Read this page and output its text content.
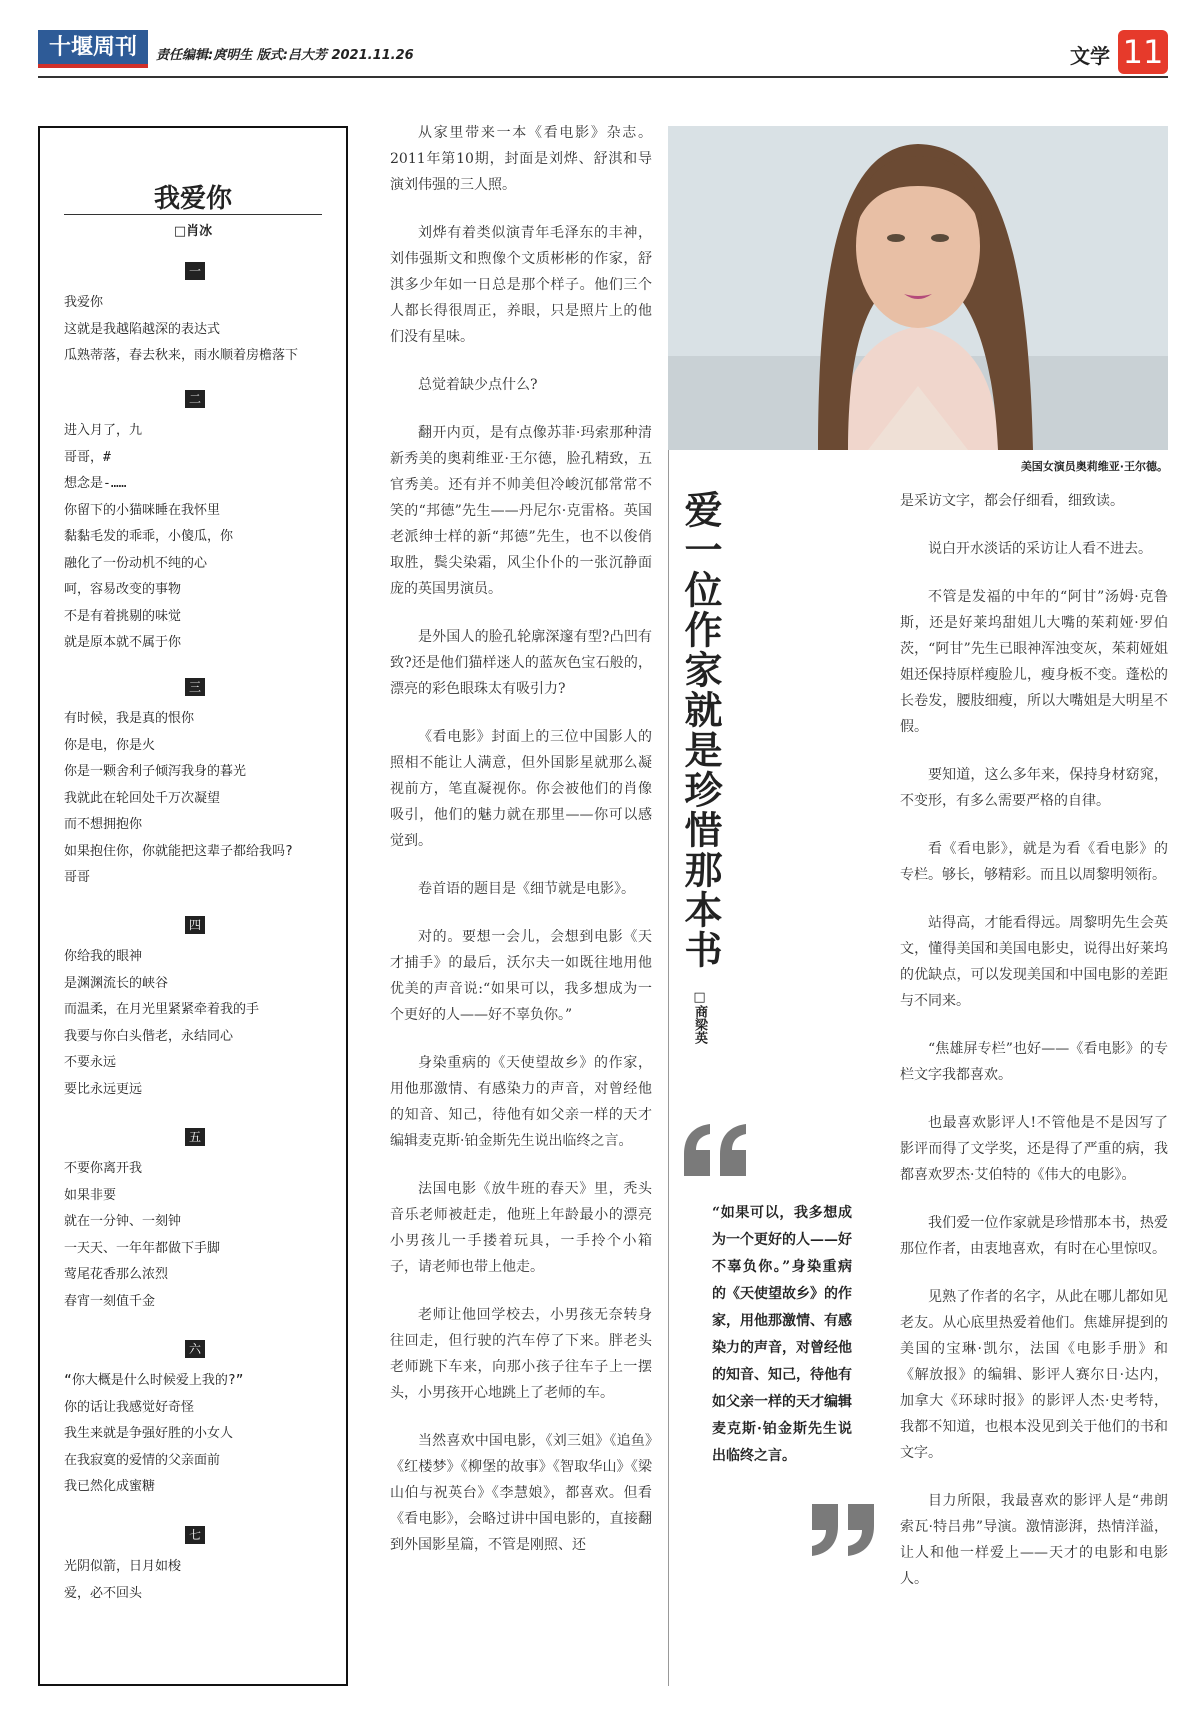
十堰周刊	责任编辑:庹明生 版式:吕大芳 2021.11.26	文学 11
我爱你
□肖冰
一
我爱你
这就是我越陷越深的表达式
瓜熟蒂落，春去秋来，雨水顺着房檐落下
二
进入月了，九
哥哥，#
想念是-……
你留下的小猫咪睡在我怀里
黏黏毛发的乖乖，小傻瓜，你
融化了一份动机不纯的心
呵，容易改变的事物
不是有着挑剔的味觉
就是原本就不属于你
三
有时候，我是真的恨你
你是电，你是火
你是一颗舍利子倾泻我身的暮光
我就此在轮回处千万次凝望
而不想拥抱你
如果抱住你，你就能把这辈子都给我吗?
哥哥
四
你给我的眼神
是渊渊流长的峡谷
而温柔，在月光里紧紧牵着我的手
我要与你白头偕老，永结同心
不要永远
要比永远更远
五
不要你离开我
如果非要
就在一分钟、一刻钟
一天天、一年年都做下手脚
莺尾花香那么浓烈
春宵一刻值千金
六
“你大概是什么时候爱上我的?”
你的话让我感觉好奇怪
我生来就是争强好胜的小女人
在我寂寞的爱情的父亲面前
我已然化成蜜糖
七
光阴似箭，日月如梭
爱，必不回头

从家里带来一本《看电影》杂志。2011年第10期，封面是刘烨、舒淇和导演刘伟强的三人照。

刘烨有着类似演青年毛泽东的丰神，刘伟强斯文和煦像个文质彬彬的作家，舒淇多少年如一日总是那个样子。他们三个人都长得很周正，养眼，只是照片上的他们没有星味。

总觉着缺少点什么?

翻开内页，是有点像苏菲·玛索那种清新秀美的奥莉维亚·王尔德，脸孔精致，五官秀美。还有并不帅美但冷峻沉郁常常不笑的“邦德”先生——丹尼尔·克雷格。英国老派绅士样的新“邦德”先生，也不以俊俏取胜，鬓尖染霜，风尘仆仆的一张沉静面庞的英国男演员。

是外国人的脸孔轮廓深邃有型?凸凹有致?还是他们猫样迷人的蓝灰色宝石般的，漂亮的彩色眼珠太有吸引力?

《看电影》封面上的三位中国影人的照相不能让人满意，但外国影星就那么凝视前方，笔直凝视你。你会被他们的肖像吸引，他们的魅力就在那里——你可以感觉到。

卷首语的题目是《细节就是电影》。

对的。要想一会儿，会想到电影《天才捕手》的最后，沃尔夫一如既往地用他优美的声音说:“如果可以，我多想成为一个更好的人——好不辜负你。”

身染重病的《天使望故乡》的作家，用他那激情、有感染力的声音，对曾经他的知音、知己，待他有如父亲一样的天才编辑麦克斯·铂金斯先生说出临终之言。

法国电影《放牛班的春天》里，秃头音乐老师被赶走，他班上年龄最小的漂亮小男孩儿一手搂着玩具，一手拎个小箱子，请老师也带上他走。

老师让他回学校去，小男孩无奈转身往回走，但行驶的汽车停了下来。胖老头老师跳下车来，向那小孩子往车子上一摆头，小男孩开心地跳上了老师的车。

当然喜欢中国电影，《刘三姐》《追鱼》《红楼梦》《柳堡的故事》《智取华山》《梁山伯与祝英台》《李慧娘》，都喜欢。但看《看电影》，会略过讲中国电影的，直接翻到外国影星篇，不管是刚照、还

美国女演员奥莉维亚·王尔德。
爱一位作家就是珍惜那本书
□商梁英
“如果可以，我多想成为一个更好的人——好不辜负你。”身染重病的《天使望故乡》的作家，用他那激情、有感染力的声音，对曾经他的知音、知己，待他有如父亲一样的天才编辑麦克斯·铂金斯先生说出临终之言。

是采访文字，都会仔细看，细致读。

说白开水淡话的采访让人看不进去。

不管是发福的中年的“阿甘”汤姆·克鲁斯，还是好莱坞甜姐儿大嘴的茱莉娅·罗伯茨，“阿甘”先生已眼神浑浊变灰，茱莉娅姐姐还保持原样瘦脸儿，瘦身板不变。蓬松的长卷发，腰肢细瘦，所以大嘴姐是大明星不假。

要知道，这么多年来，保持身材窈窕，不变形，有多么需要严格的自律。

看《看电影》，就是为看《看电影》的专栏。够长，够精彩。而且以周黎明领衔。

站得高，才能看得远。周黎明先生会英文，懂得美国和美国电影史，说得出好莱坞的优缺点，可以发现美国和中国电影的差距与不同来。

“焦雄屏专栏”也好——《看电影》的专栏文字我都喜欢。

也最喜欢影评人!不管他是不是因写了影评而得了文学奖，还是得了严重的病，我都喜欢罗杰·艾伯特的《伟大的电影》。

我们爱一位作家就是珍惜那本书，热爱那位作者，由衷地喜欢，有时在心里惊叹。

见熟了作者的名字，从此在哪儿都如见老友。从心底里热爱着他们。焦雄屏提到的美国的宝琳·凯尔，法国《电影手册》和《解放报》的编辑、影评人赛尔日·达内，加拿大《环球时报》的影评人杰·史考特，我都不知道，也根本没见到关于他们的书和文字。

目力所限，我最喜欢的影评人是“弗朗索瓦·特吕弗”导演。激情澎湃，热情洋溢，让人和他一样爱上——天才的电影和电影人。
